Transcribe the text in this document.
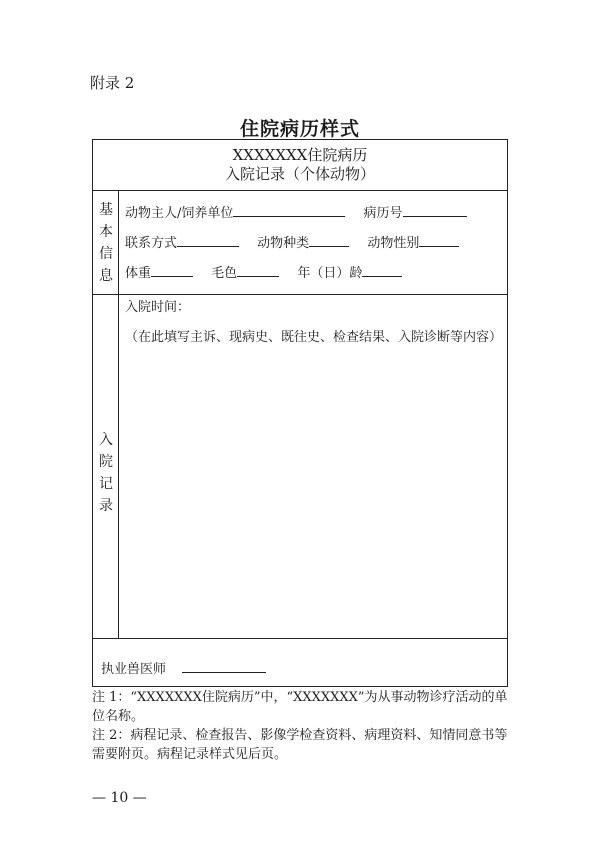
附录 2
住院病历样式
XXXXXXX住院病历
入院记录（个体动物）
基
本
信
息
动物主人/饲养单位	病历号
联系方式	动物种类	动物性别
体重	毛色	年（日）龄
入
院
记
录
入院时间：
（在此填写主诉、现病史、既往史、检查结果、入院诊断等内容）
执业兽医师

注 1：“XXXXXXX住院病历”中，“XXXXXXX”为从事动物诊疗活动的单位名称。

注 2：病程记录、检查报告、影像学检查资料、病理资料、知情同意书等需要附页。病程记录样式见后页。

— 10 —
